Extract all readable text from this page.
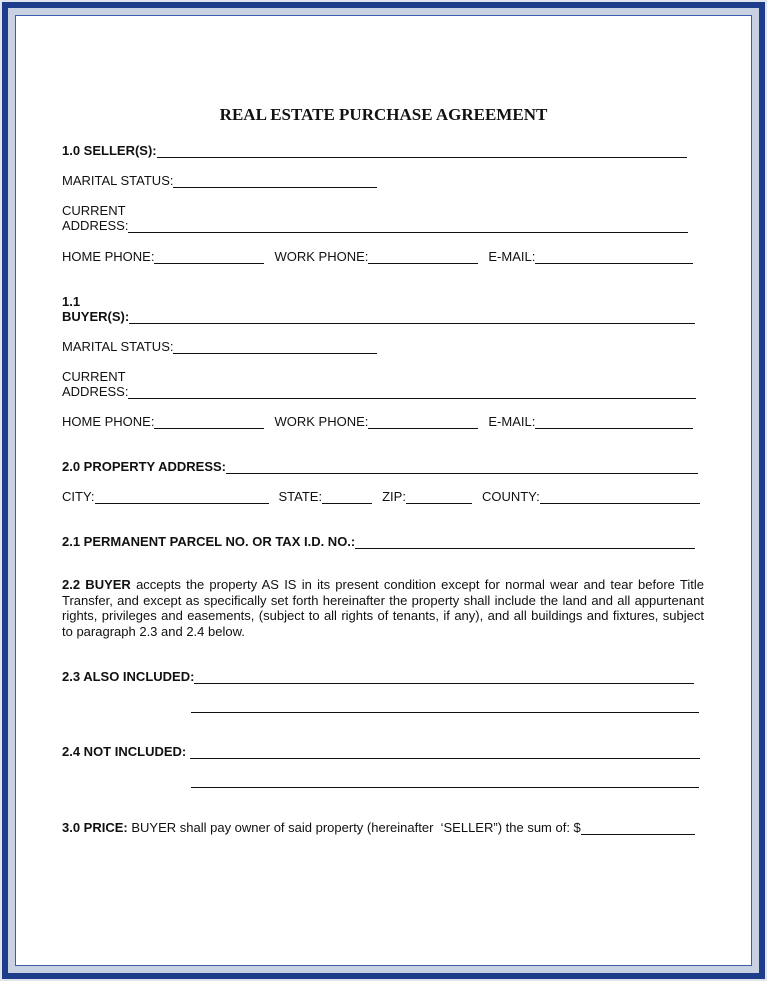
REAL ESTATE PURCHASE AGREEMENT
1.0 SELLER(S):
MARITAL STATUS:
CURRENT
ADDRESS:
HOME PHONE:	WORK PHONE:	E-MAIL:
1.1
BUYER(S):
MARITAL STATUS:
CURRENT
ADDRESS:
HOME PHONE:	WORK PHONE:	E-MAIL:
2.0 PROPERTY ADDRESS:
CITY:	STATE:	ZIP:	COUNTY:
2.1 PERMANENT PARCEL NO. OR TAX I.D. NO.:
2.2 BUYER accepts the property AS IS in its present condition except for normal wear and tear before Title Transfer, and except as specifically set forth hereinafter the property shall include the land and all appurtenant rights, privileges and easements, (subject to all rights of tenants, if any), and all buildings and fixtures, subject to paragraph 2.3 and 2.4 below.
2.3 ALSO INCLUDED:
2.4 NOT INCLUDED:
3.0 PRICE: BUYER shall pay owner of said property (hereinafter  ‘SELLER”) the sum of: $
